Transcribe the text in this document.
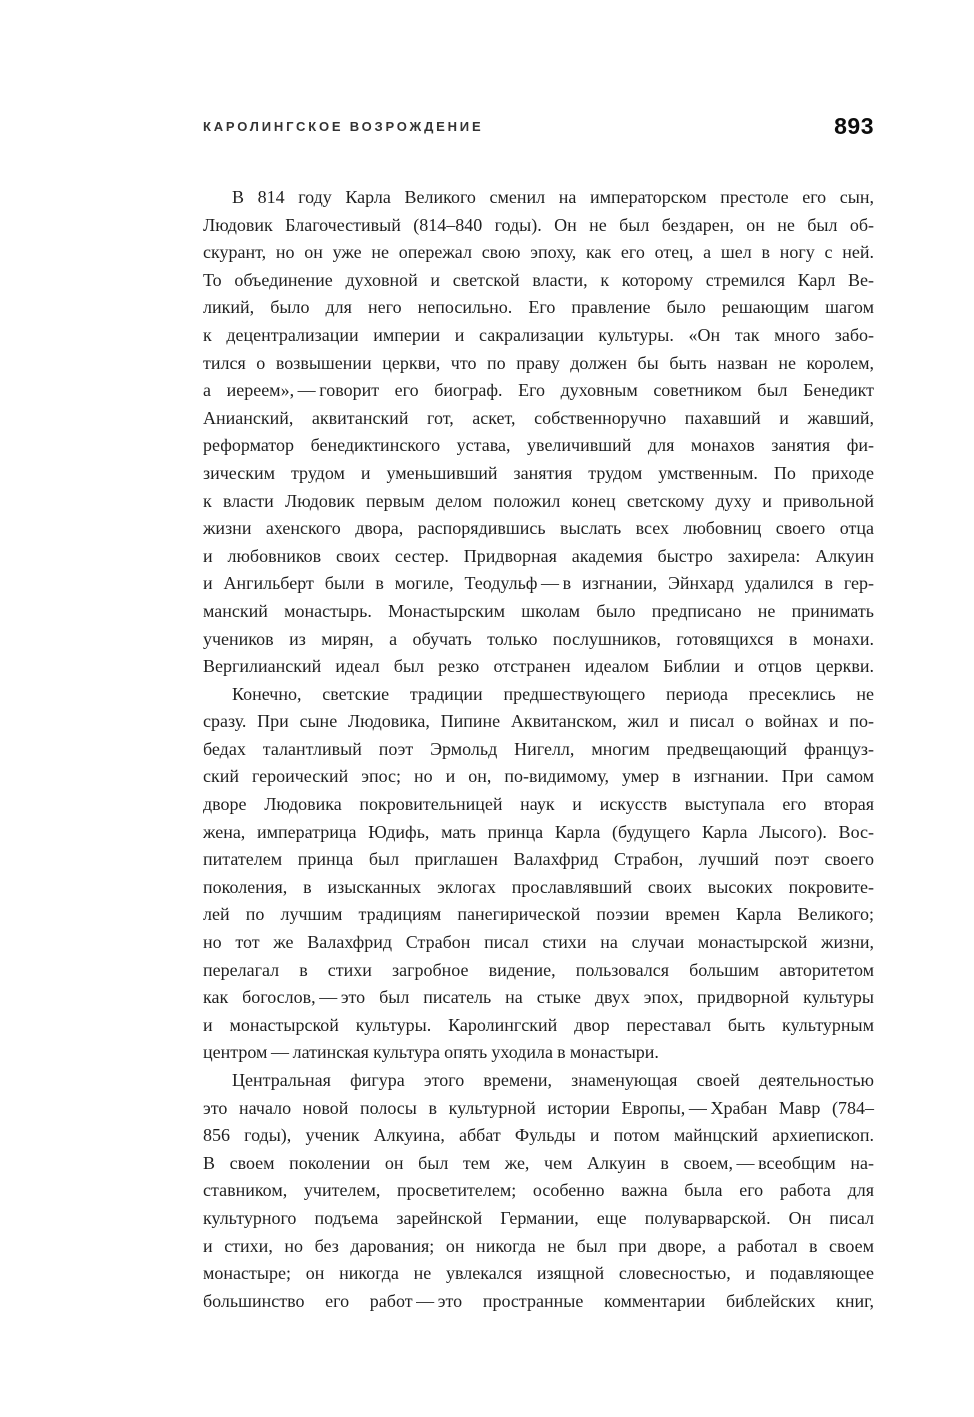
КАРОЛИНГСКОЕ ВОЗРОЖДЕНИЕ	893
В 814 году Карла Великого сменил на императорском престоле его сын,
Людовик Благочестивый (814–840 годы). Он не был бездарен, он не был об-
скурант, но он уже не опережал свою эпоху, как его отец, а шел в ногу с ней.
То объединение духовной и светской власти, к которому стремился Карл Ве-
ликий, было для него непосильно. Его правление было решающим шагом
к децентрализации империи и сакрализации культуры. «Он так много забо-
тился о возвышении церкви, что по праву должен бы быть назван не королем,
а иереем», — говорит его биограф. Его духовным советником был Бенедикт
Анианский, аквитанский гот, аскет, собственноручно пахавший и жавший,
реформатор бенедиктинского устава, увеличивший для монахов занятия фи-
зическим трудом и уменьшивший занятия трудом умственным. По приходе
к власти Людовик первым делом положил конец светскому духу и привольной
жизни ахенского двора, распорядившись выслать всех любовниц своего отца
и любовников своих сестер. Придворная академия быстро захирела: Алкуин
и Ангильберт были в могиле, Теодульф — в изгнании, Эйнхард удалился в гер-
манский монастырь. Монастырским школам было предписано не принимать
учеников из мирян, а обучать только послушников, готовящихся в монахи.
Вергилианский идеал был резко отстранен идеалом Библии и отцов церкви.
Конечно, светские традиции предшествующего периода пресеклись не
сразу. При сыне Людовика, Пипине Аквитанском, жил и писал о войнах и по-
бедах талантливый поэт Эрмольд Нигелл, многим предвещающий француз-
ский героический эпос; но и он, по-видимому, умер в изгнании. При самом
дворе Людовика покровительницей наук и искусств выступала его вторая
жена, императрица Юдифь, мать принца Карла (будущего Карла Лысого). Вос-
питателем принца был приглашен Валахфрид Страбон, лучший поэт своего
поколения, в изысканных эклогах прославлявший своих высоких покровите-
лей по лучшим традициям панегирической поэзии времен Карла Великого;
но тот же Валахфрид Страбон писал стихи на случаи монастырской жизни,
перелагал в стихи загробное видение, пользовался большим авторитетом
как богослов, — это был писатель на стыке двух эпох, придворной культуры
и монастырской культуры. Каролингский двор переставал быть культурным
центром — латинская культура опять уходила в монастыри.
Центральная фигура этого времени, знаменующая своей деятельностью
это начало новой полосы в культурной истории Европы, — Храбан Мавр (784–
856 годы), ученик Алкуина, аббат Фульды и потом майнцский архиепископ.
В своем поколении он был тем же, чем Алкуин в своем, — всеобщим на-
ставником, учителем, просветителем; особенно важна была его работа для
культурного подъема зарейнской Германии, еще полуварварской. Он писал
и стихи, но без дарования; он никогда не был при дворе, а работал в своем
монастыре; он никогда не увлекался изящной словесностью, и подавляющее
большинство его работ — это пространные комментарии библейских книг,
